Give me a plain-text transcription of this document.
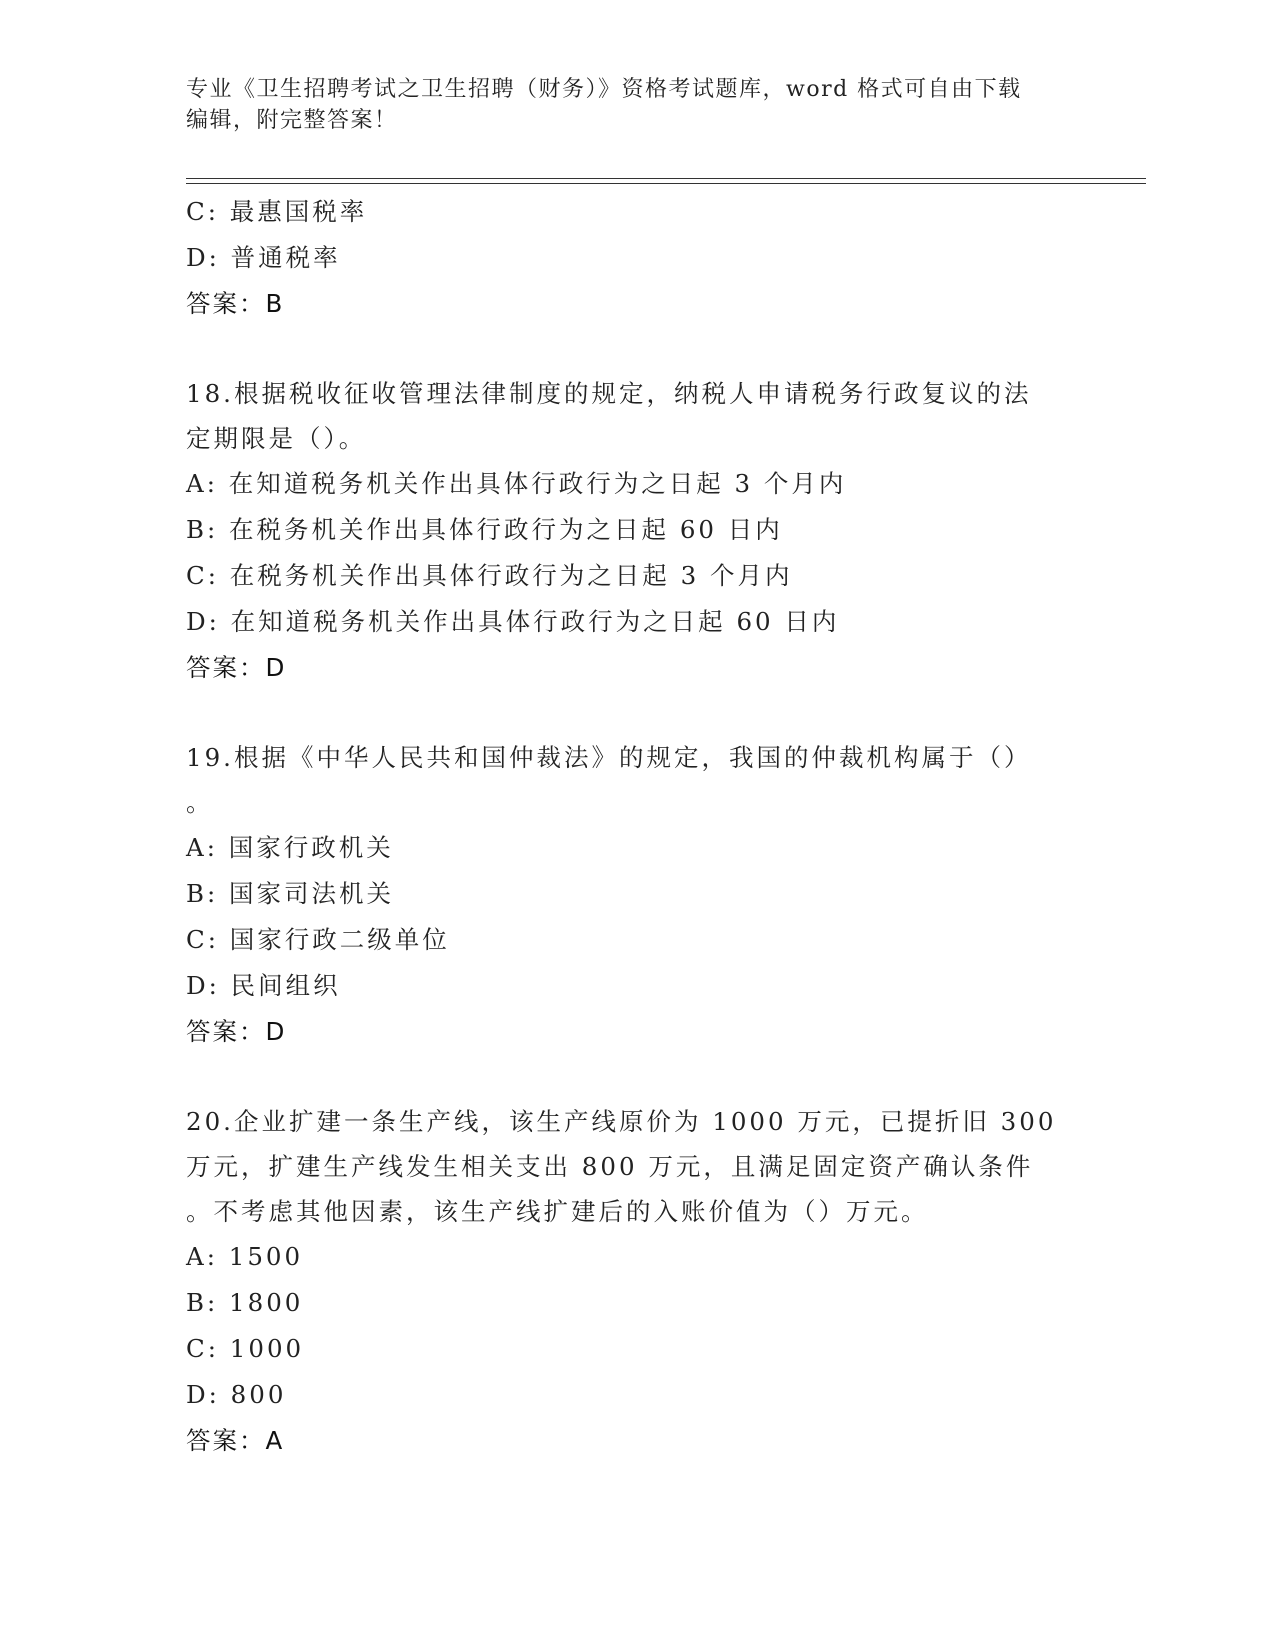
专业《卫生招聘考试之卫生招聘（财务）》资格考试题库，word 格式可自由下载
编辑，附完整答案！
C: 最惠国税率
D: 普通税率
答案：B
18.根据税收征收管理法律制度的规定，纳税人申请税务行政复议的法
定期限是（）。
A: 在知道税务机关作出具体行政行为之日起 3 个月内
B: 在税务机关作出具体行政行为之日起 60 日内
C: 在税务机关作出具体行政行为之日起 3 个月内
D: 在知道税务机关作出具体行政行为之日起 60 日内
答案：D
19.根据《中华人民共和国仲裁法》的规定，我国的仲裁机构属于（）
。
A: 国家行政机关
B: 国家司法机关
C: 国家行政二级单位
D: 民间组织
答案：D
20.企业扩建一条生产线，该生产线原价为 1000 万元，已提折旧 300
万元，扩建生产线发生相关支出 800 万元，且满足固定资产确认条件
。不考虑其他因素，该生产线扩建后的入账价值为（）万元。
A: 1500
B: 1800
C: 1000
D: 800
答案：A
